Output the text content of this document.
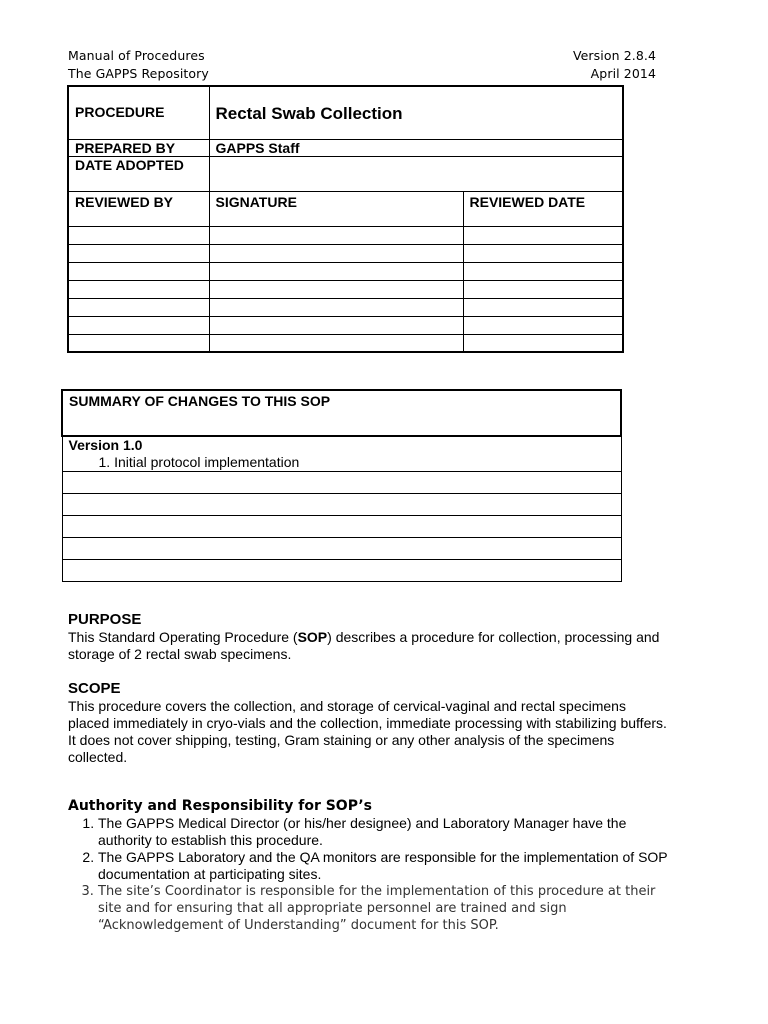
Manual of Procedures
The GAPPS Repository
Version 2.8.4
April 2014
PROCEDURE	Rectal Swab Collection	
PREPARED BY	GAPPS Staff	
DATE ADOPTED		
REVIEWED BY	SIGNATURE	REVIEWED DATE

SUMMARY OF CHANGES TO THIS SOP

Version 1.0
1. Initial protocol implementation

PURPOSE

This Standard Operating Procedure (SOP) describes a procedure for collection, processing and storage of 2 rectal swab specimens.

SCOPE

This procedure covers the collection, and storage of cervical-vaginal and rectal specimens placed immediately in cryo-vials and the collection, immediate processing with stabilizing buffers. It does not cover shipping, testing, Gram staining or any other analysis of the specimens collected.

Authority and Responsibility for SOP’s
1. The GAPPS Medical Director (or his/her designee) and Laboratory Manager have the authority to establish this procedure.
2. The GAPPS Laboratory and the QA monitors are responsible for the implementation of SOP documentation at participating sites.
3. The site’s Coordinator is responsible for the implementation of this procedure at their site and for ensuring that all appropriate personnel are trained and sign “Acknowledgement of Understanding” document for this SOP.
